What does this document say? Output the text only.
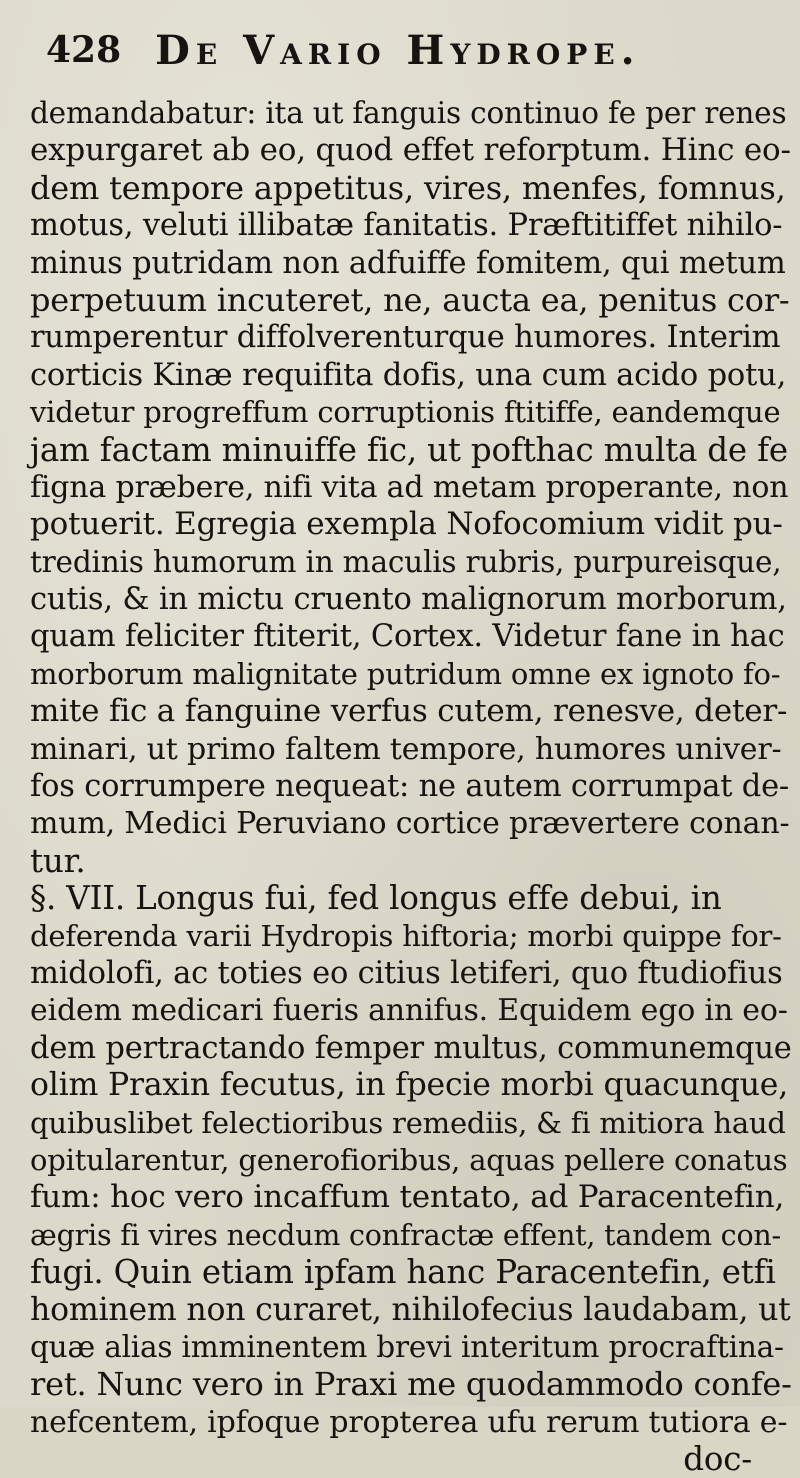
428 De Vario Hydrope.
demandabatur: ita ut fanguis continuo fe per renes
expurgaret ab eo, quod effet reforptum. Hinc eo-
dem tempore appetitus, vires, menfes, fomnus,
motus, veluti illibatæ fanitatis. Præftitiffet nihilo-
minus putridam non adfuiffe fomitem, qui metum
perpetuum incuteret, ne, aucta ea, penitus cor-
rumperentur diffolverenturque humores. Interim
corticis Kinæ requifita dofis, una cum acido potu,
videtur progreffum corruptionis ftitiffe, eandemque
jam factam minuiffe fic, ut pofthac multa de fe
figna præbere, nifi vita ad metam properante, non
potuerit. Egregia exempla Nofocomium vidit pu-
tredinis humorum in maculis rubris, purpureisque,
cutis, & in mictu cruento malignorum morborum,
quam feliciter ftiterit, Cortex. Videtur fane in hac
morborum malignitate putridum omne ex ignoto fo-
mite fic a fanguine verfus cutem, renesve, deter-
minari, ut primo faltem tempore, humores univer-
fos corrumpere nequeat: ne autem corrumpat de-
mum, Medici Peruviano cortice prævertere conan-
tur.
§. VII. Longus fui, fed longus effe debui, in
deferenda varii Hydropis hiftoria; morbi quippe for-
midolofi, ac toties eo citius letiferi, quo ftudiofius
eidem medicari fueris annifus. Equidem ego in eo-
dem pertractando femper multus, communemque
olim Praxin fecutus, in fpecie morbi quacunque,
quibuslibet felectioribus remediis, & fi mitiora haud
opitularentur, generofioribus, aquas pellere conatus
fum: hoc vero incaffum tentato, ad Paracentefin,
ægris fi vires necdum confractæ effent, tandem con-
fugi. Quin etiam ipfam hanc Paracentefin, etfi
hominem non curaret, nihilofecius laudabam, ut
quæ alias imminentem brevi interitum procraftina-
ret. Nunc vero in Praxi me quodammodo confe-
nefcentem, ipfoque propterea ufu rerum tutiora e-
doc-
